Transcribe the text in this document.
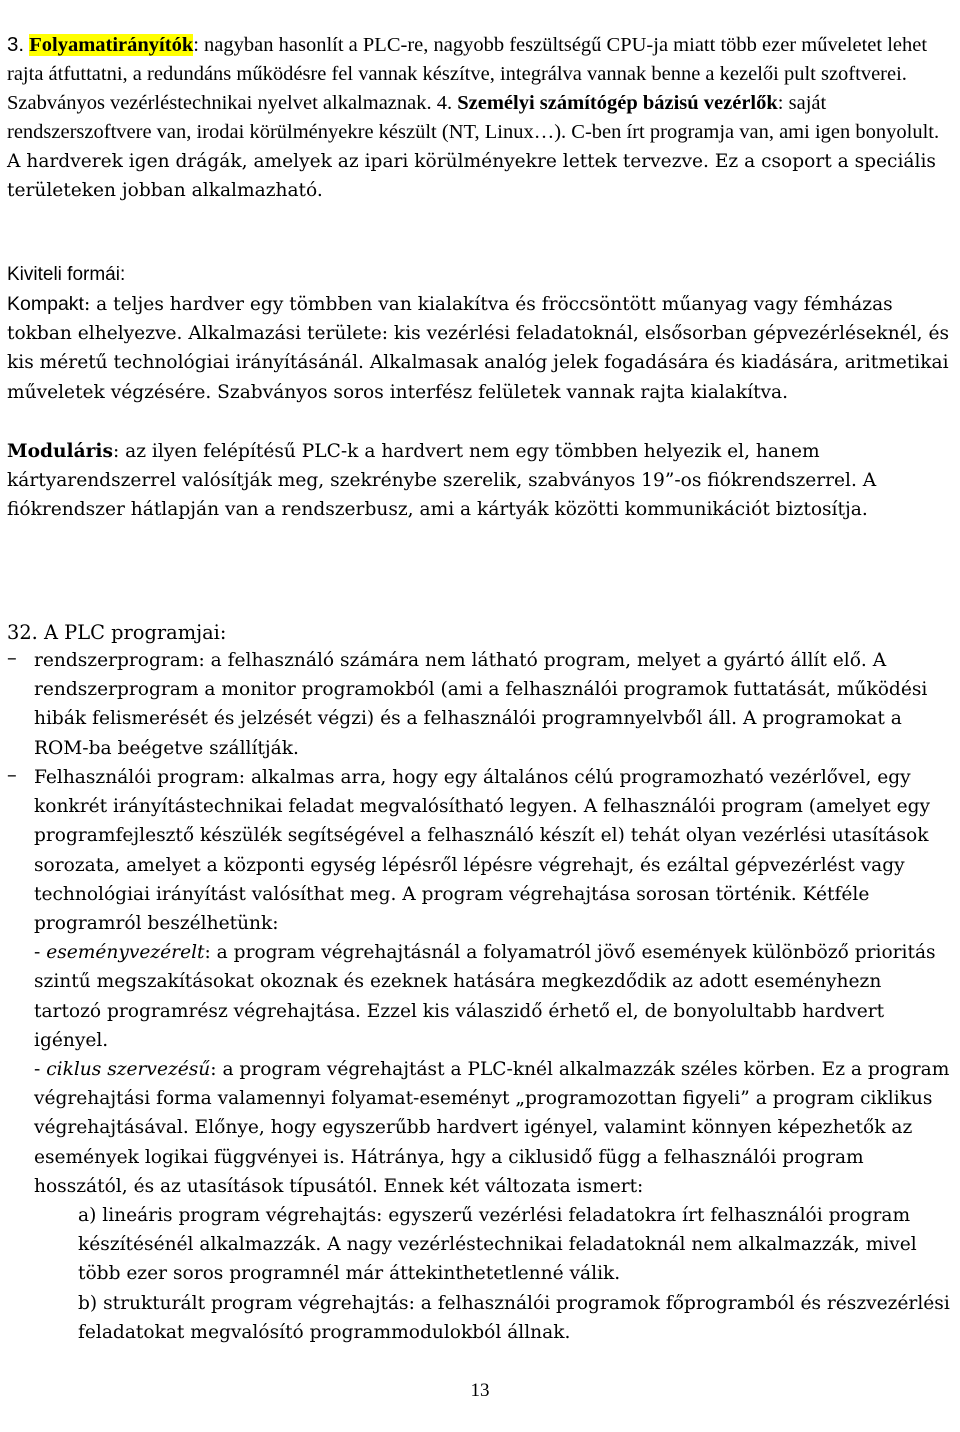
3. Folyamatirányítók: nagyban hasonlít a PLC-re, nagyobb feszültségű CPU-ja miatt több ezer műveletet lehet rajta átfuttatni, a redundáns működésre fel vannak készítve, integrálva vannak benne a kezelői pult szoftverei. Szabványos vezérléstechnikai nyelvet alkalmaznak. 4. Személyi számítógép bázisú vezérlők: saját rendszerszoftvere van, irodai körülményekre készült (NT, Linux…). C-ben írt programja van, ami igen bonyolult. A hardverek igen drágák, amelyek az ipari körülményekre lettek tervezve. Ez a csoport a speciális területeken jobban alkalmazható.

Kiviteli formái:

Kompakt: a teljes hardver egy tömbben van kialakítva és fröccsöntött műanyag vagy fémházas tokban elhelyezve. Alkalmazási területe: kis vezérlési feladatoknál, elsősorban gépvezérléseknél, és kis méretű technológiai irányításánál. Alkalmasak analóg jelek fogadására és kiadására, aritmetikai műveletek végzésére. Szabványos soros interfész felületek vannak rajta kialakítva.

Moduláris: az ilyen felépítésű PLC-k a hardvert nem egy tömbben helyezik el, hanem kártyarendszerrel valósítják meg, szekrénybe szerelik, szabványos 19”-os fiókrendszerrel. A fiókrendszer hátlapján van a rendszerbusz, ami a kártyák közötti kommunikációt biztosítja.

32. A PLC programjai:
– rendszerprogram: a felhasználó számára nem látható program, melyet a gyártó állít elő. A rendszerprogram a monitor programokból (ami a felhasználói programok futtatását, működési hibák felismerését és jelzését végzi) és a felhasználói programnyelvből áll. A programokat a ROM-ba beégetve szállítják.

– Felhasználói program: alkalmas arra, hogy egy általános célú programozható vezérlővel, egy konkrét irányítástechnikai feladat megvalósítható legyen. A felhasználói program (amelyet egy programfejlesztő készülék segítségével a felhasználó készít el) tehát olyan vezérlési utasítások sorozata, amelyet a központi egység lépésről lépésre végrehajt, és ezáltal gépvezérlést vagy technológiai irányítást valósíthat meg. A program végrehajtása sorosan történik. Kétféle programról beszélhetünk:
- eseményvezérelt: a program végrehajtásnál a folyamatról jövő események különböző prioritás szintű megszakításokat okoznak és ezeknek hatására megkezdődik az adott eseményhezn tartozó programrész végrehajtása. Ezzel kis válaszidő érhető el, de bonyolultabb hardvert igényel.
- ciklus szervezésű: a program végrehajtást a PLC-knél alkalmazzák széles körben. Ez a program végrehajtási forma valamennyi folyamat-eseményt „programozottan figyeli” a program ciklikus végrehajtásával. Előnye, hogy egyszerűbb hardvert igényel, valamint könnyen képezhetők az események logikai függvényei is. Hátránya, hgy a ciklusidő függ a felhasználói program hosszától, és az utasítások típusától. Ennek két változata ismert:
a) lineáris program végrehajtás: egyszerű vezérlési feladatokra írt felhasználói program készítésénél alkalmazzák. A nagy vezérléstechnikai feladatoknál nem alkalmazzák, mivel több ezer soros programnél már áttekinthetetlenné válik.
b) strukturált program végrehajtás: a felhasználói programok főprogramból és részvezérlési feladatokat megvalósító programmodulokból állnak.
13
